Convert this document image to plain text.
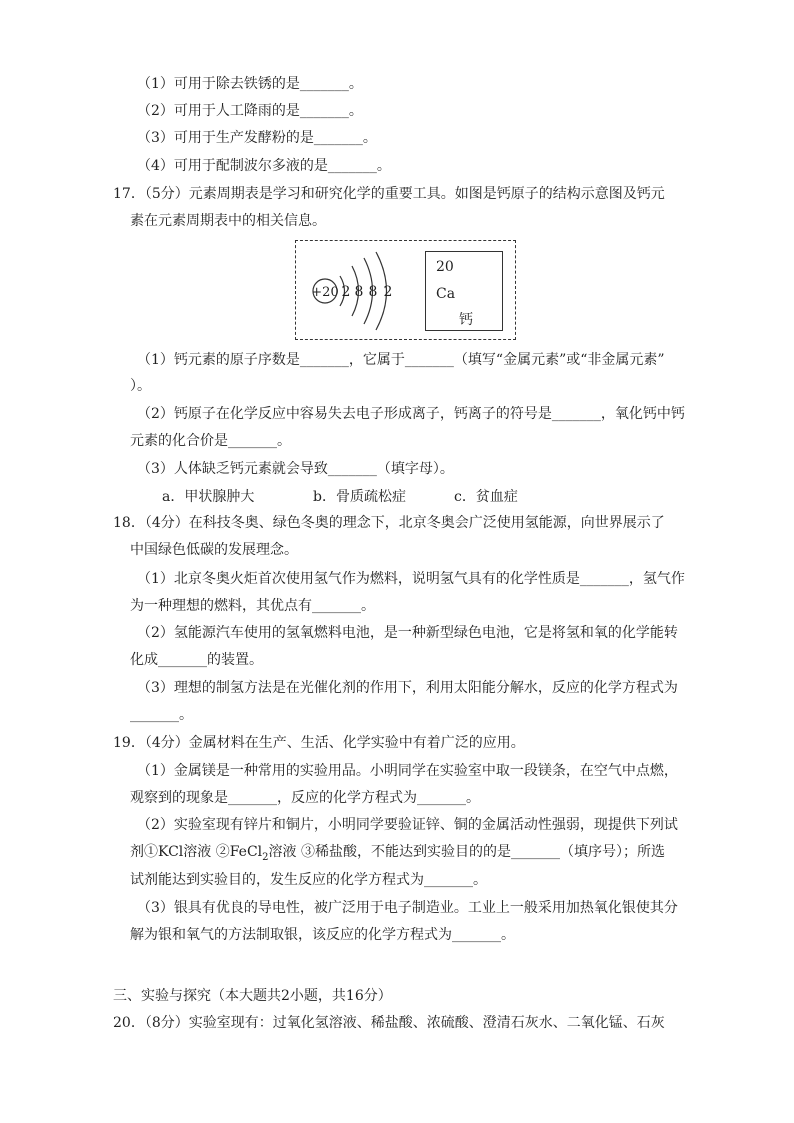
（1）可用于除去铁锈的是_______。
（2）可用于人工降雨的是_______。
（3）可用于生产发酵粉的是_______。
（4）可用于配制波尔多液的是_______。
17．（5分）元素周期表是学习和研究化学的重要工具。如图是钙原子的结构示意图及钙元
素在元素周期表中的相关信息。
+20 2 8 8 2
20
Ca
钙
（1）钙元素的原子序数是_______，它属于_______（填写“金属元素”或“非金属元素”
）。
（2）钙原子在化学反应中容易失去电子形成离子，钙离子的符号是_______，氧化钙中钙
元素的化合价是_______。
（3）人体缺乏钙元素就会导致_______（填字母）。
a．甲状腺肿大	b．骨质疏松症	c．贫血症
18．（4分）在科技冬奥、绿色冬奥的理念下，北京冬奥会广泛使用氢能源，向世界展示了
中国绿色低碳的发展理念。
（1）北京冬奥火炬首次使用氢气作为燃料，说明氢气具有的化学性质是_______，氢气作
为一种理想的燃料，其优点有_______。
（2）氢能源汽车使用的氢氧燃料电池，是一种新型绿色电池，它是将氢和氧的化学能转
化成_______的装置。
（3）理想的制氢方法是在光催化剂的作用下，利用太阳能分解水，反应的化学方程式为
_______。
19．（4分）金属材料在生产、生活、化学实验中有着广泛的应用。
（1）金属镁是一种常用的实验用品。小明同学在实验室中取一段镁条，在空气中点燃，
观察到的现象是_______，反应的化学方程式为_______。
（2）实验室现有锌片和铜片，小明同学要验证锌、铜的金属活动性强弱，现提供下列试
剂①KCl溶液 ②FeCl$_2$溶液 ③稀盐酸，不能达到实验目的的是_______（填序号）；所选
试剂能达到实验目的，发生反应的化学方程式为_______。
（3）银具有优良的导电性，被广泛用于电子制造业。工业上一般采用加热氧化银使其分
解为银和氧气的方法制取银，该反应的化学方程式为_______。
三、实验与探究（本大题共2小题，共16分）
20．（8分）实验室现有：过氧化氢溶液、稀盐酸、浓硫酸、澄清石灰水、二氧化锰、石灰
